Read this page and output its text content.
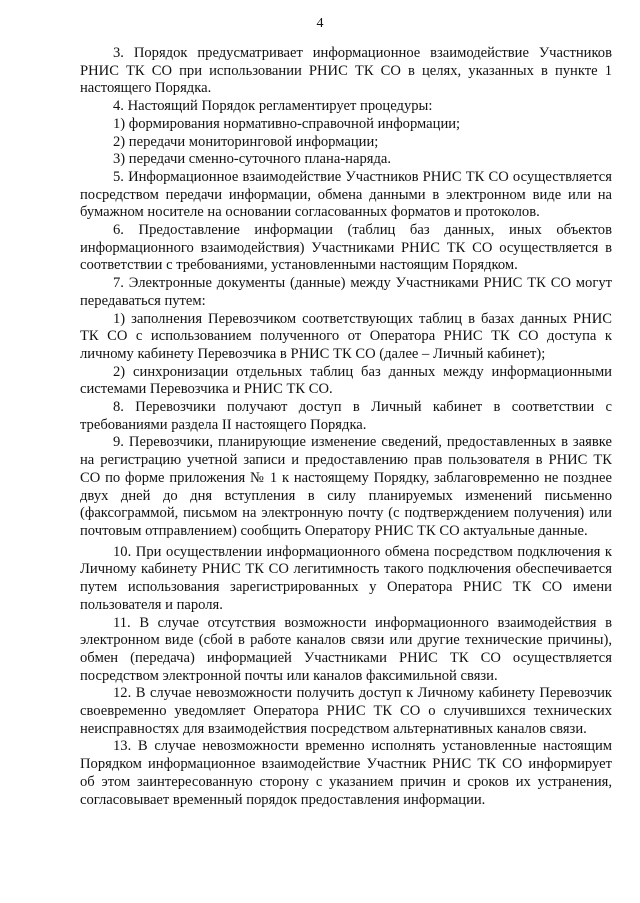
4

3. Порядок предусматривает информационное взаимодействие Участников РНИС ТК СО при использовании РНИС ТК СО в целях, указанных в пункте 1 настоящего Порядка.

4. Настоящий Порядок регламентирует процедуры:

1) формирования нормативно-справочной информации;

2) передачи мониторинговой информации;

3) передачи сменно-суточного плана-наряда.

5. Информационное взаимодействие Участников РНИС ТК СО осуществляется посредством передачи информации, обмена данными в электронном виде или на бумажном носителе на основании согласованных форматов и протоколов.

6. Предоставление информации (таблиц баз данных, иных объектов информационного взаимодействия) Участниками РНИС ТК СО осуществляется в соответствии с требованиями, установленными настоящим Порядком.

7. Электронные документы (данные) между Участниками РНИС ТК СО могут передаваться путем:

1) заполнения Перевозчиком соответствующих таблиц в базах данных РНИС ТК СО с использованием полученного от Оператора РНИС ТК СО доступа к личному кабинету Перевозчика в РНИС ТК СО (далее – Личный кабинет);

2) синхронизации отдельных таблиц баз данных между информационными системами Перевозчика и РНИС ТК СО.

8. Перевозчики получают доступ в Личный кабинет в соответствии с требованиями раздела II настоящего Порядка.

9. Перевозчики, планирующие изменение сведений, предоставленных в заявке на регистрацию учетной записи и предоставлению прав пользователя в РНИС ТК СО по форме приложения № 1 к настоящему Порядку, заблаговременно не позднее двух дней до дня вступления в силу планируемых изменений письменно (факсограммой, письмом на электронную почту (с подтверждением получения) или почтовым отправлением) сообщить Оператору РНИС ТК СО актуальные данные.

10. При осуществлении информационного обмена посредством подключения к Личному кабинету РНИС ТК СО легитимность такого подключения обеспечивается путем использования зарегистрированных у Оператора РНИС ТК СО имени пользователя и пароля.

11. В случае отсутствия возможности информационного взаимодействия в электронном виде (сбой в работе каналов связи или другие технические причины), обмен (передача) информацией Участниками РНИС ТК СО осуществляется посредством электронной почты или каналов факсимильной связи.

12. В случае невозможности получить доступ к Личному кабинету Перевозчик своевременно уведомляет Оператора РНИС ТК СО о случившихся технических неисправностях для взаимодействия посредством альтернативных каналов связи.

13. В случае невозможности временно исполнять установленные настоящим Порядком информационное взаимодействие Участник РНИС ТК СО информирует об этом заинтересованную сторону с указанием причин и сроков их устранения, согласовывает временный порядок предоставления информации.
